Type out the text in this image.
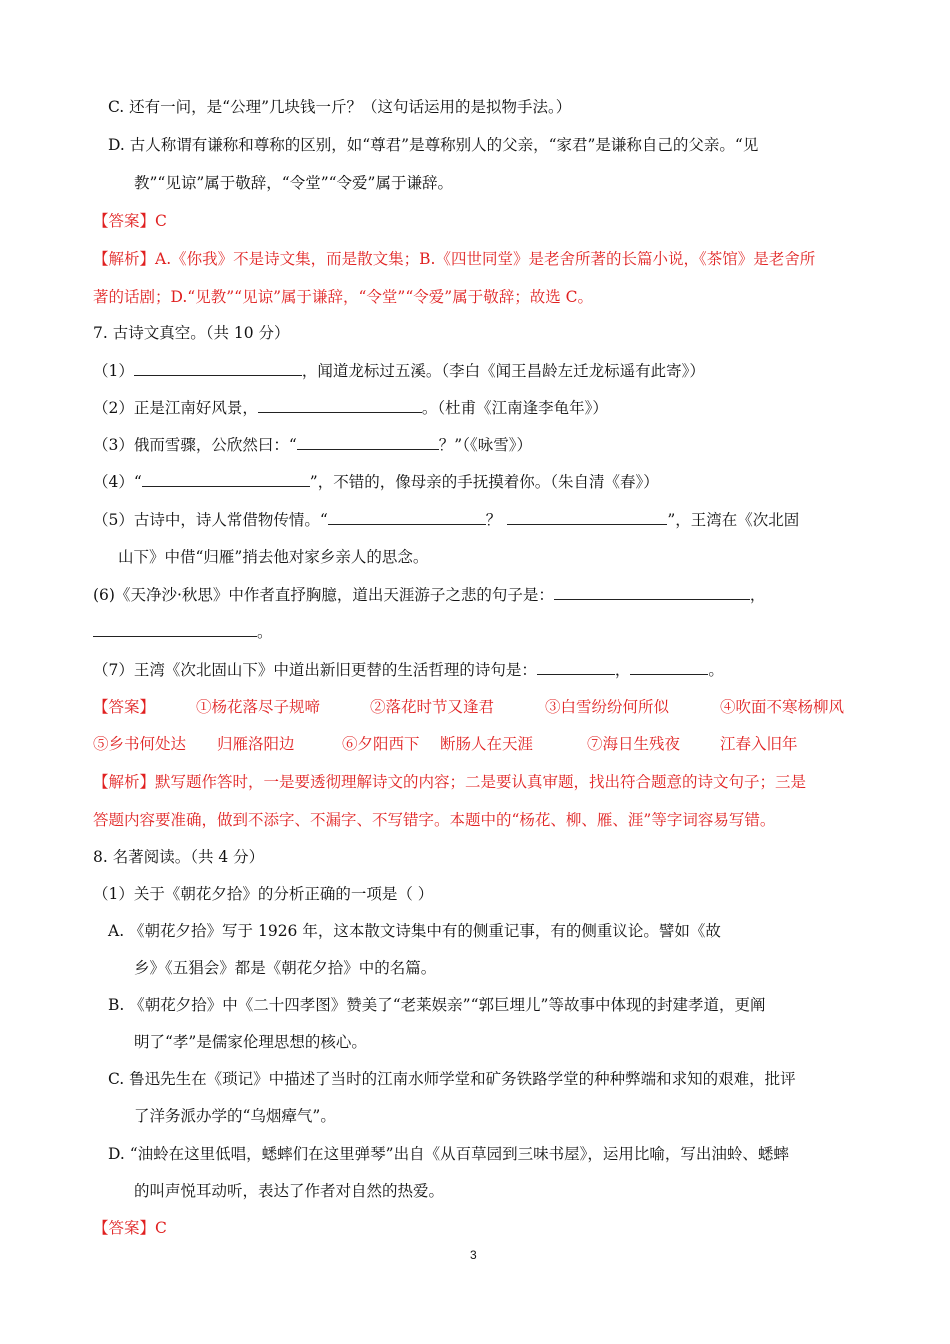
C. 还有一问，是“公理”几块钱一斤？（这句话运用的是拟物手法。）
D. 古人称谓有谦称和尊称的区别，如“尊君”是尊称别人的父亲，“家君”是谦称自己的父亲。“见
教”“见谅”属于敬辞，“令堂”“令爱”属于谦辞。
【答案】C
【解析】A.《你我》不是诗文集，而是散文集；B.《四世同堂》是老舍所著的长篇小说，《茶馆》是老舍所
著的话剧；D.“见教”“见谅”属于谦辞，“令堂”“令爱”属于敬辞；故选 C。
7. 古诗文真空。（共 10 分）
（1）	，闻道龙标过五溪。（李白《闻王昌龄左迁龙标遥有此寄》）
（2）正是江南好风景，	。（杜甫《江南逢李龟年》）
（3）俄而雪骤，公欣然曰：“	？”（《咏雪》）
（4）“	”，不错的，像母亲的手抚摸着你。（朱自清《春》）
（5）古诗中，诗人常借物传情。“	？	”，王湾在《次北固
山下》中借“归雁”捎去他对家乡亲人的思念。
(6)《天净沙·秋思》中作者直抒胸臆，道出天涯游子之悲的句子是：	，
。
（7）王湾《次北固山下》中道出新旧更替的生活哲理的诗句是：	，	。
【答案】	①杨花落尽子规啼	②落花时节又逢君	③白雪纷纷何所似	④吹面不寒杨柳风
⑤乡书何处达 归雁洛阳边	⑥夕阳西下 断肠人在天涯	⑦海日生残夜	江春入旧年
【解析】默写题作答时，一是要透彻理解诗文的内容；二是要认真审题，找出符合题意的诗文句子；三是
答题内容要准确，做到不添字、不漏字、不写错字。本题中的“杨花、柳、雁、涯”等字词容易写错。
8. 名著阅读。（共 4 分）
（1）关于《朝花夕拾》的分析正确的一项是（ ）
A. 《朝花夕拾》写于 1926 年，这本散文诗集中有的侧重记事，有的侧重议论。譬如《故
乡》《五猖会》都是《朝花夕拾》中的名篇。
B. 《朝花夕拾》中《二十四孝图》赞美了“老莱娱亲”“郭巨埋儿”等故事中体现的封建孝道，更阐
明了“孝”是儒家伦理思想的核心。
C. 鲁迅先生在《琐记》中描述了当时的江南水师学堂和矿务铁路学堂的种种弊端和求知的艰难，批评
了洋务派办学的“乌烟瘴气”。
D. “油蛉在这里低唱，蟋蟀们在这里弹琴”出自《从百草园到三味书屋》，运用比喻，写出油蛉、蟋蟀
的叫声悦耳动听，表达了作者对自然的热爱。
【答案】C
3
